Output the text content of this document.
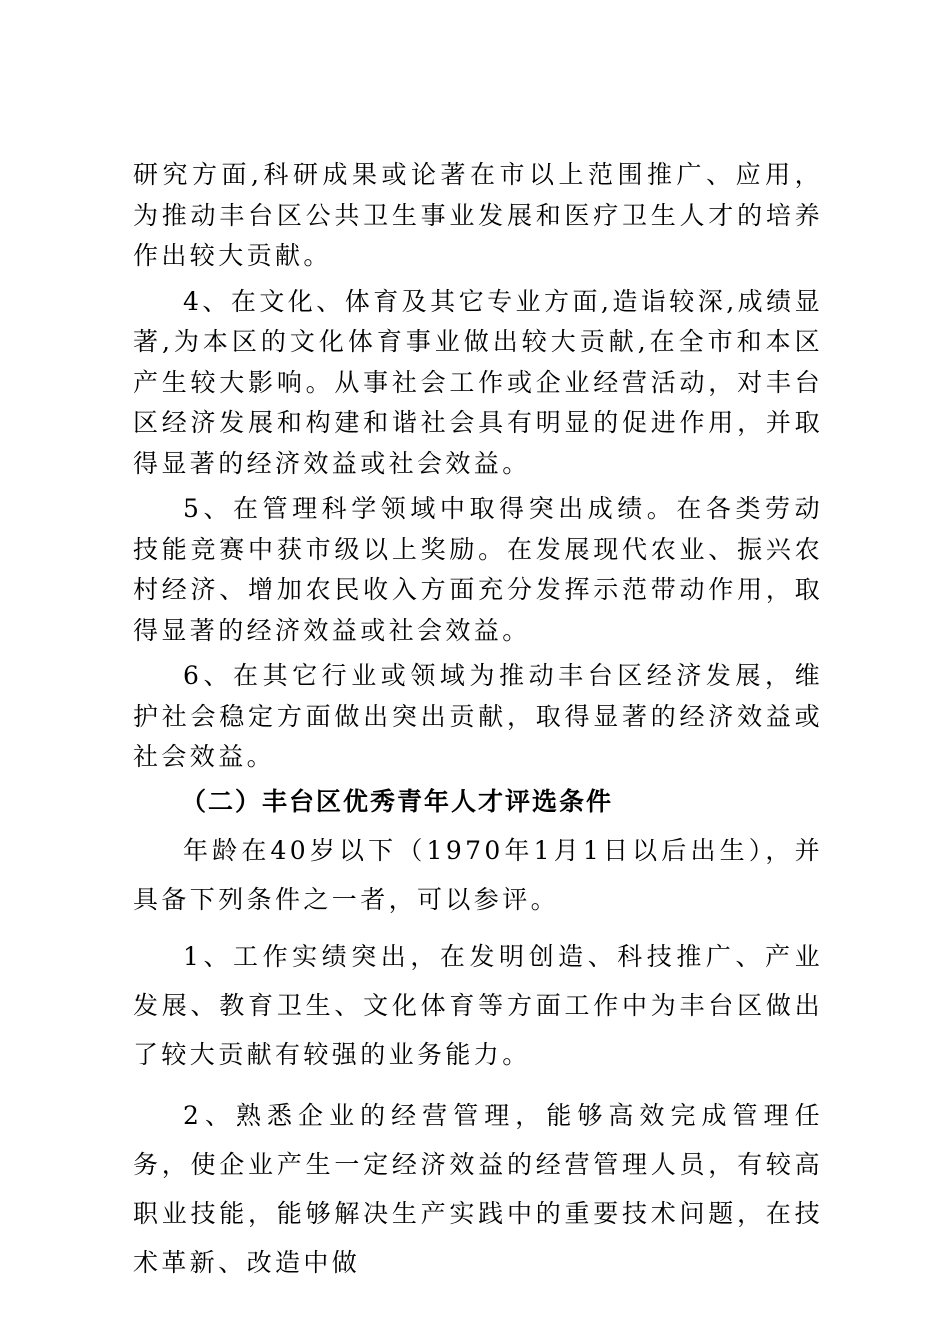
研究方面,科研成果或论著在市以上范围推广、应用，为推动丰台区公共卫生事业发展和医疗卫生人才的培养作出较大贡献。

4、在文化、体育及其它专业方面,造诣较深,成绩显著,为本区的文化体育事业做出较大贡献,在全市和本区产生较大影响。从事社会工作或企业经营活动，对丰台区经济发展和构建和谐社会具有明显的促进作用，并取得显著的经济效益或社会效益。

5、在管理科学领域中取得突出成绩。在各类劳动技能竞赛中获市级以上奖励。在发展现代农业、振兴农村经济、增加农民收入方面充分发挥示范带动作用，取得显著的经济效益或社会效益。

6、在其它行业或领域为推动丰台区经济发展，维护社会稳定方面做出突出贡献，取得显著的经济效益或社会效益。

（二）丰台区优秀青年人才评选条件

年龄在40岁以下（1970年1月1日以后出生），并具备下列条件之一者，可以参评。

1、工作实绩突出，在发明创造、科技推广、产业发展、教育卫生、文化体育等方面工作中为丰台区做出了较大贡献有较强的业务能力。

2、熟悉企业的经营管理，能够高效完成管理任务，使企业产生一定经济效益的经营管理人员，有较高职业技能，能够解决生产实践中的重要技术问题，在技术革新、改造中做
